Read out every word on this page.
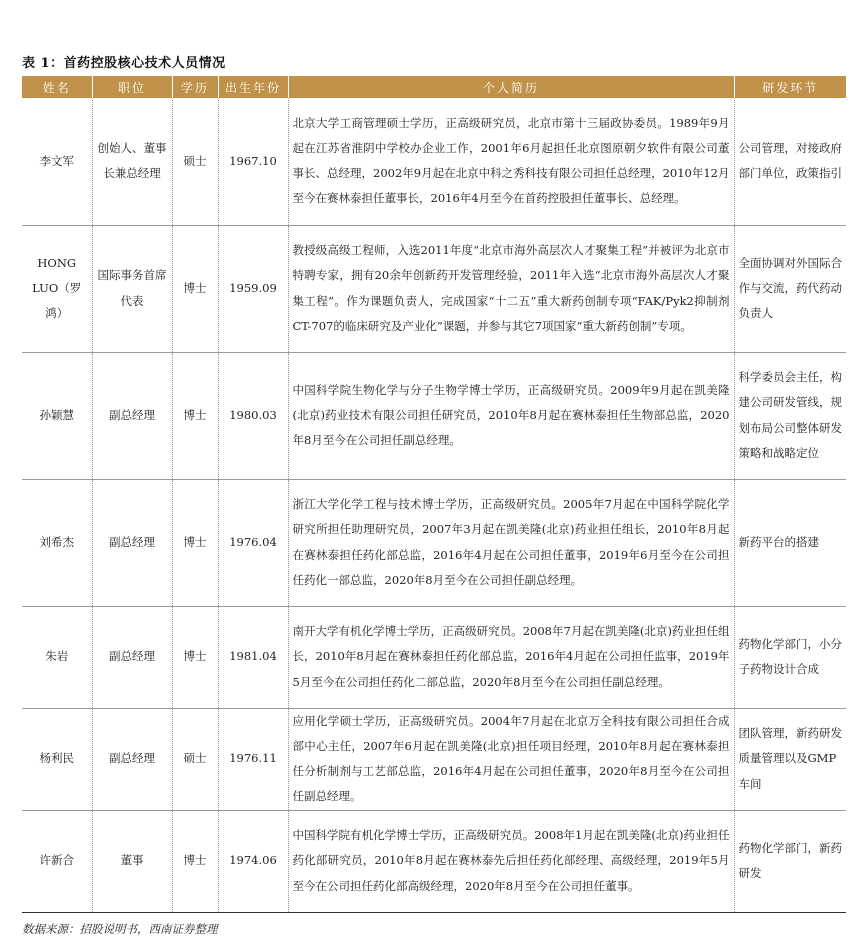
表 1：首药控股核心技术人员情况
姓名	职位	学历	出生年份	个人简历	研发环节
李文军	创始人、董事长兼总经理	硕士	1967.10	北京大学工商管理硕士学历，正高级研究员，北京市第十三届政协委员。1989年9月起在江苏省淮阴中学校办企业工作，2001年6月起担任北京图原朝夕软件有限公司董事长、总经理，2002年9月起在北京中科之秀科技有限公司担任总经理，2010年12月至今在赛林泰担任董事长，2016年4月至今在首药控股担任董事长、总经理。	公司管理，对接政府部门单位，政策指引
HONG LUO（罗鸿）	国际事务首席代表	博士	1959.09	教授级高级工程师，入选2011年度“北京市海外高层次人才聚集工程”并被评为北京市特聘专家，拥有20余年创新药开发管理经验，2011年入选“北京市海外高层次人才聚集工程”。作为课题负责人，完成国家“十二五”重大新药创制专项“FAK/Pyk2抑制剂CT-707的临床研究及产业化”课题，并参与其它7项国家“重大新药创制”专项。	全面协调对外国际合作与交流，药代药动负责人
孙颖慧	副总经理	博士	1980.03	中国科学院生物化学与分子生物学博士学历，正高级研究员。2009年9月起在凯美隆(北京)药业技术有限公司担任研究员，2010年8月起在赛林泰担任生物部总监，2020年8月至今在公司担任副总经理。	科学委员会主任，构建公司研发管线，规划布局公司整体研发策略和战略定位
刘希杰	副总经理	博士	1976.04	浙江大学化学工程与技术博士学历，正高级研究员。2005年7月起在中国科学院化学研究所担任助理研究员，2007年3月起在凯美隆(北京)药业担任组长，2010年8月起在赛林泰担任药化部总监，2016年4月起在公司担任董事，2019年6月至今在公司担任药化一部总监，2020年8月至今在公司担任副总经理。	新药平台的搭建
朱岩	副总经理	博士	1981.04	南开大学有机化学博士学历，正高级研究员。2008年7月起在凯美隆(北京)药业担任组长，2010年8月起在赛林泰担任药化部总监，2016年4月起在公司担任监事，2019年5月至今在公司担任药化二部总监，2020年8月至今在公司担任副总经理。	药物化学部门，小分子药物设计合成
杨利民	副总经理	硕士	1976.11	应用化学硕士学历，正高级研究员。2004年7月起在北京万全科技有限公司担任合成部中心主任，2007年6月起在凯美隆(北京)担任项目经理，2010年8月起在赛林泰担任分析制剂与工艺部总监，2016年4月起在公司担任董事，2020年8月至今在公司担任副总经理。	团队管理，新药研发质量管理以及GMP车间
许新合	董事	博士	1974.06	中国科学院有机化学博士学历，正高级研究员。2008年1月起在凯美隆(北京)药业担任药化部研究员，2010年8月起在赛林泰先后担任药化部经理、高级经理，2019年5月至今在公司担任药化部高级经理，2020年8月至今在公司担任董事。	药物化学部门，新药研发
数据来源：招股说明书，西南证券整理
